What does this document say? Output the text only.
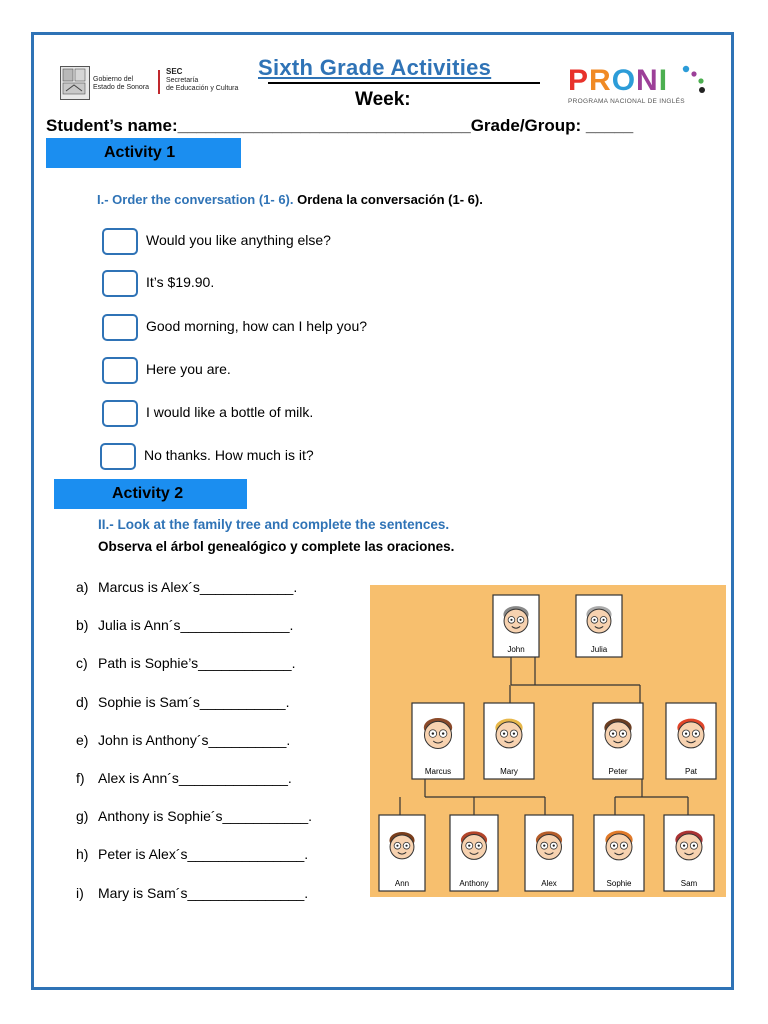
Gobierno del
Estado de Sonora
SEC
Secretaría
de Educación y Cultura
Sixth Grade Activities
Week:
PRONI
PROGRAMA NACIONAL DE INGLÉS
Student’s name:_______________________________Grade/Group: _____
Activity 1
I.- Order the conversation (1- 6). Ordena la conversación (1- 6).
Would you like anything else?
It’s $19.90.
Good morning, how can I help you?
Here you are.
I would like a bottle of milk.
No thanks. How much is it?
Activity 2
II.- Look at the family tree and complete the sentences.
Observa el árbol genealógico y complete las oraciones.
a) Marcus is Alex´s____________.
b) Julia is Ann´s______________.
c) Path is Sophie’s____________.
d) Sophie is Sam´s___________.
e) John is Anthony´s__________.
f) Alex is Ann´s______________.
g) Anthony is Sophie´s___________.
h) Peter is Alex´s_______________.
i) Mary is Sam´s_______________.
John	Julia
Marcus	Mary	Peter	Pat
Ann	Anthony	Alex	Sophie	Sam
